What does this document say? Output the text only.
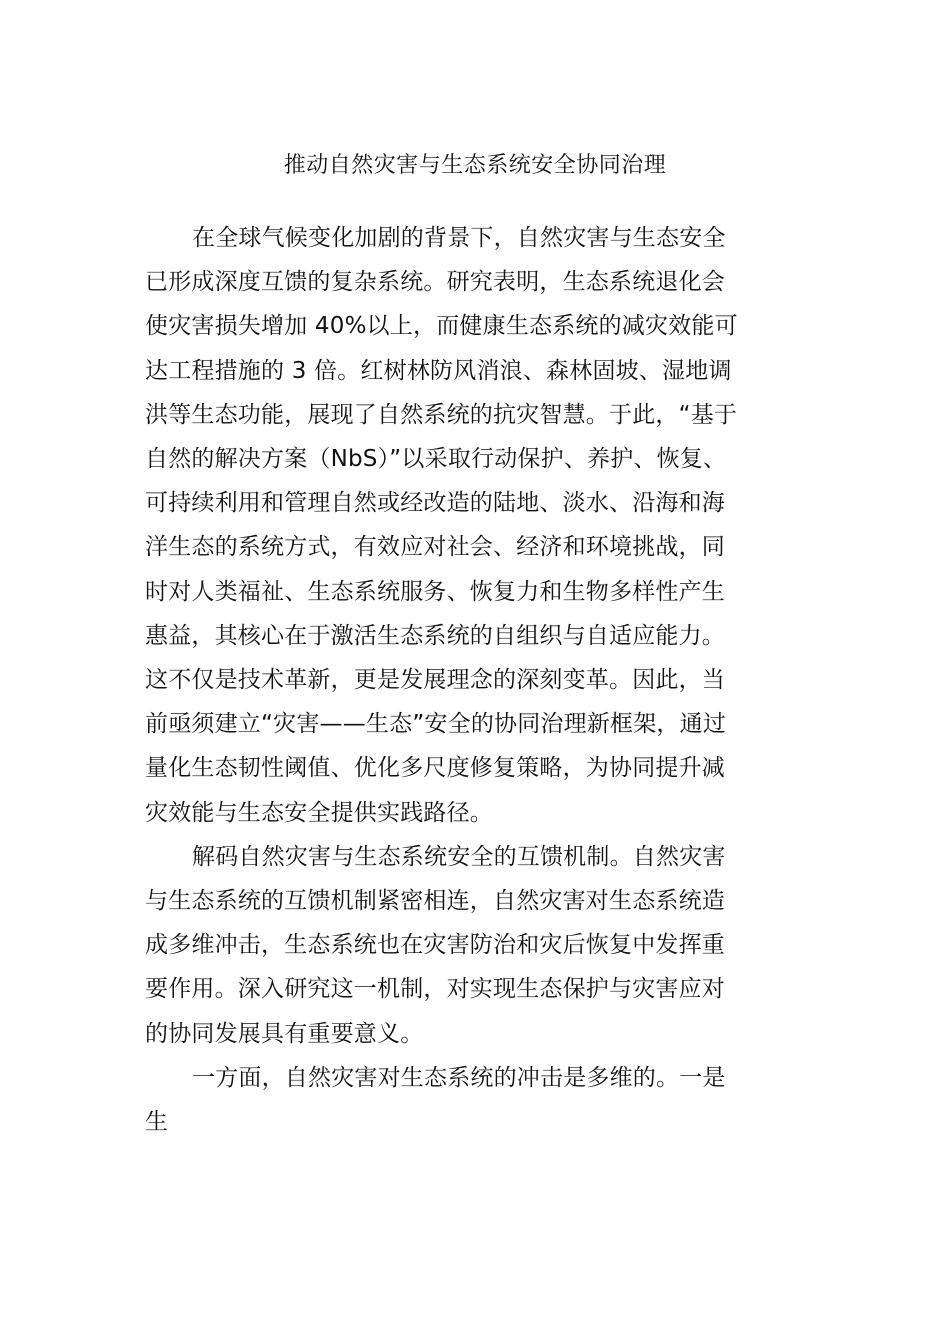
推动自然灾害与生态系统安全协同治理
在全球气候变化加剧的背景下，自然灾害与生态安全
已形成深度互馈的复杂系统。研究表明，生态系统退化会
使灾害损失增加 40%以上，而健康生态系统的减灾效能可
达工程措施的 3 倍。红树林防风消浪、森林固坡、湿地调
洪等生态功能，展现了自然系统的抗灾智慧。于此，“基于
自然的解决方案（NbS）”以采取行动保护、养护、恢复、
可持续利用和管理自然或经改造的陆地、淡水、沿海和海
洋生态的系统方式，有效应对社会、经济和环境挑战，同
时对人类福祉、生态系统服务、恢复力和生物多样性产生
惠益，其核心在于激活生态系统的自组织与自适应能力。
这不仅是技术革新，更是发展理念的深刻变革。因此，当
前亟须建立“灾害——生态”安全的协同治理新框架，通过
量化生态韧性阈值、优化多尺度修复策略，为协同提升减
灾效能与生态安全提供实践路径。
解码自然灾害与生态系统安全的互馈机制。自然灾害
与生态系统的互馈机制紧密相连，自然灾害对生态系统造
成多维冲击，生态系统也在灾害防治和灾后恢复中发挥重
要作用。深入研究这一机制，对实现生态保护与灾害应对
的协同发展具有重要意义。
一方面，自然灾害对生态系统的冲击是多维的。一是
生
